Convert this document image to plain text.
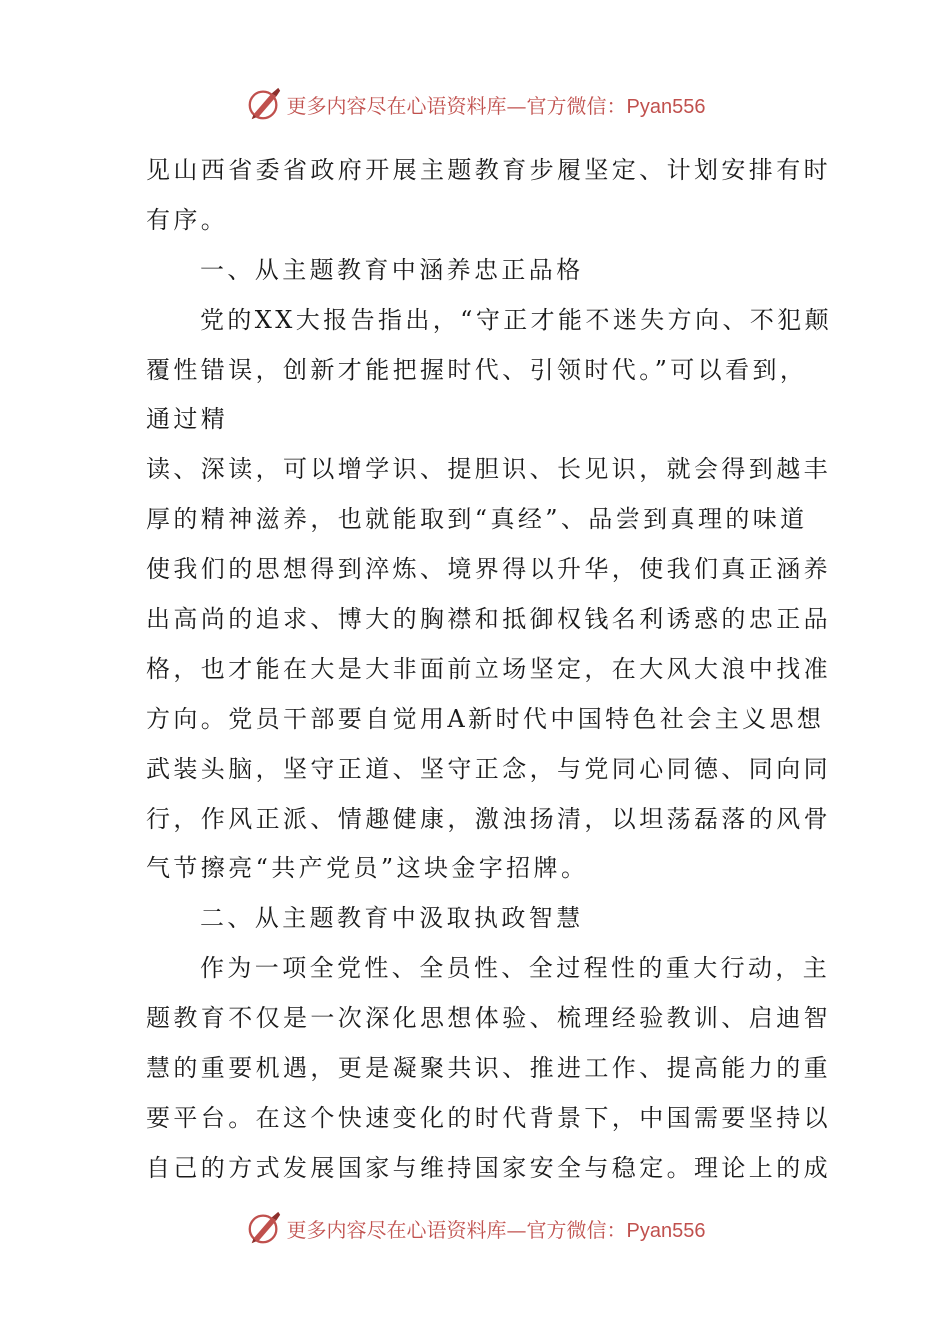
更多内容尽在心语资料库—官方微信：Pyan556
见山西省委省政府开展主题教育步履坚定、计划安排有时
有序。
一、从主题教育中涵养忠正品格
党的XX大报告指出，“守正才能不迷失方向、不犯颠
覆性错误，创新才能把握时代、引领时代。”可以看到，
通过精
读、深读，可以增学识、提胆识、长见识，就会得到越丰
厚的精神滋养，也就能取到“真经”、品尝到真理的味道
使我们的思想得到淬炼、境界得以升华，使我们真正涵养
出高尚的追求、博大的胸襟和抵御权钱名利诱惑的忠正品
格，也才能在大是大非面前立场坚定，在大风大浪中找准
方向。党员干部要自觉用A新时代中国特色社会主义思想
武装头脑，坚守正道、坚守正念，与党同心同德、同向同
行，作风正派、情趣健康，激浊扬清，以坦荡磊落的风骨
气节擦亮“共产党员”这块金字招牌。
二、从主题教育中汲取执政智慧
作为一项全党性、全员性、全过程性的重大行动，主
题教育不仅是一次深化思想体验、梳理经验教训、启迪智
慧的重要机遇，更是凝聚共识、推进工作、提高能力的重
要平台。在这个快速变化的时代背景下，中国需要坚持以
自己的方式发展国家与维持国家安全与稳定。理论上的成
更多内容尽在心语资料库—官方微信：Pyan556
